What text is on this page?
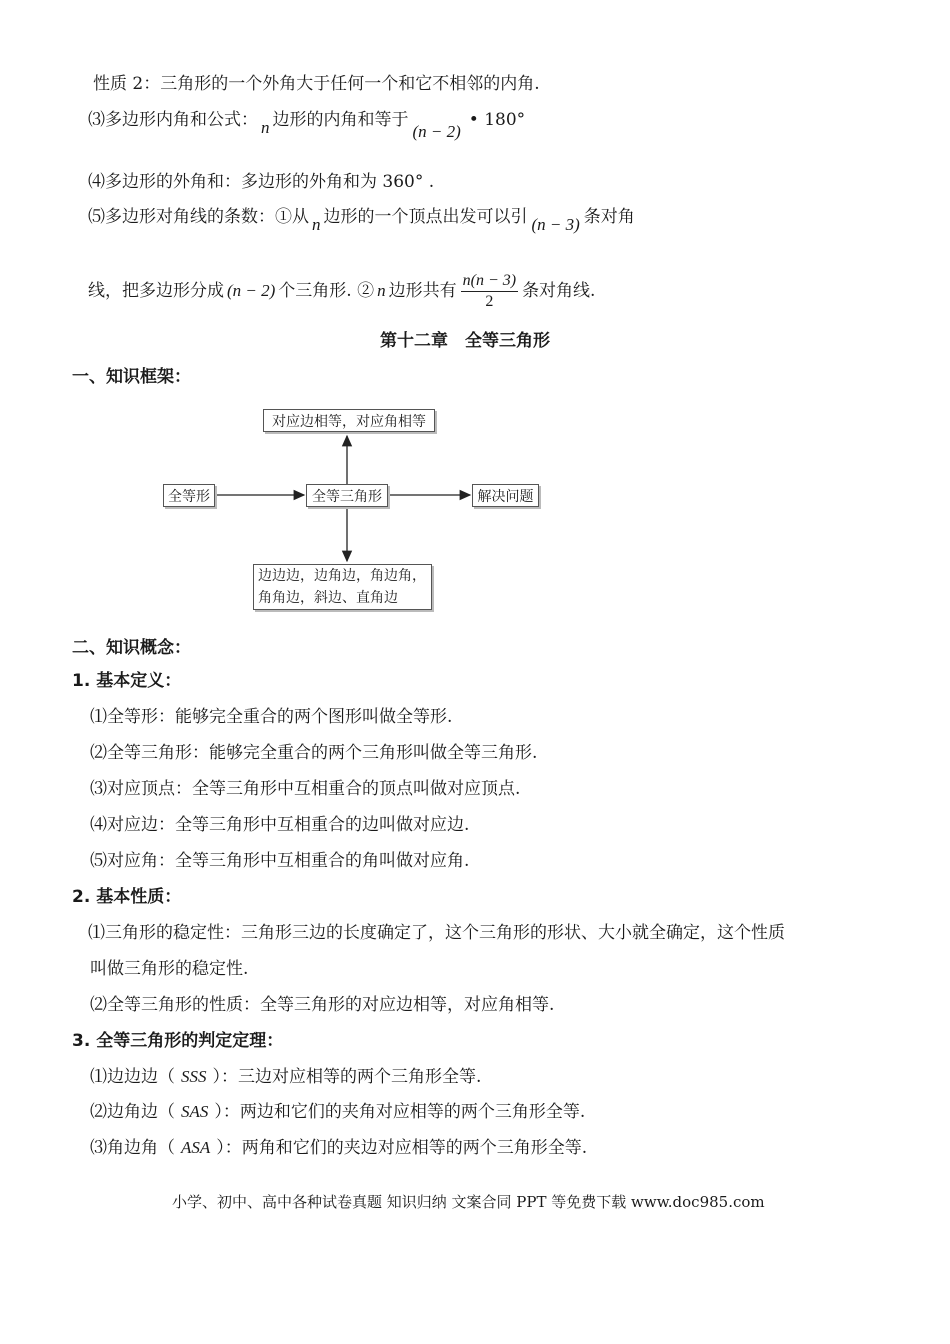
性质 2：三角形的一个外角大于任何一个和它不相邻的内角.
⑶多边形内角和公式： n 边形的内角和等于(n − 2)• 180°
⑷多边形的外角和：多边形的外角和为 360° .
⑸多边形对角线的条数：①从 n 边形的一个顶点出发可以引 (n − 3) 条对角
线，把多边形分成 (n − 2) 个三角形. ② n 边形共有 $\frac{n(n - 3)}{2}$ 条对角线.
第十二章　全等三角形
一、知识框架：
对应边相等，对应角相等
全等形	全等三角形	解决问题
边边边，边角边，角边角，
角角边，斜边、直角边
二、知识概念：
1. 基本定义：
⑴全等形：能够完全重合的两个图形叫做全等形.
⑵全等三角形：能够完全重合的两个三角形叫做全等三角形.
⑶对应顶点：全等三角形中互相重合的顶点叫做对应顶点.
⑷对应边：全等三角形中互相重合的边叫做对应边.
⑸对应角：全等三角形中互相重合的角叫做对应角.
2. 基本性质：
⑴三角形的稳定性：三角形三边的长度确定了，这个三角形的形状、大小就全确定，这个性质
叫做三角形的稳定性.
⑵全等三角形的性质：全等三角形的对应边相等，对应角相等.
3. 全等三角形的判定定理：
⑴边边边（ SSS ）：三边对应相等的两个三角形全等.
⑵边角边（ SAS ）：两边和它们的夹角对应相等的两个三角形全等.
⑶角边角（ ASA ）：两角和它们的夹边对应相等的两个三角形全等.
小学、初中、高中各种试卷真题 知识归纳 文案合同 PPT 等免费下载 www.doc985.com
